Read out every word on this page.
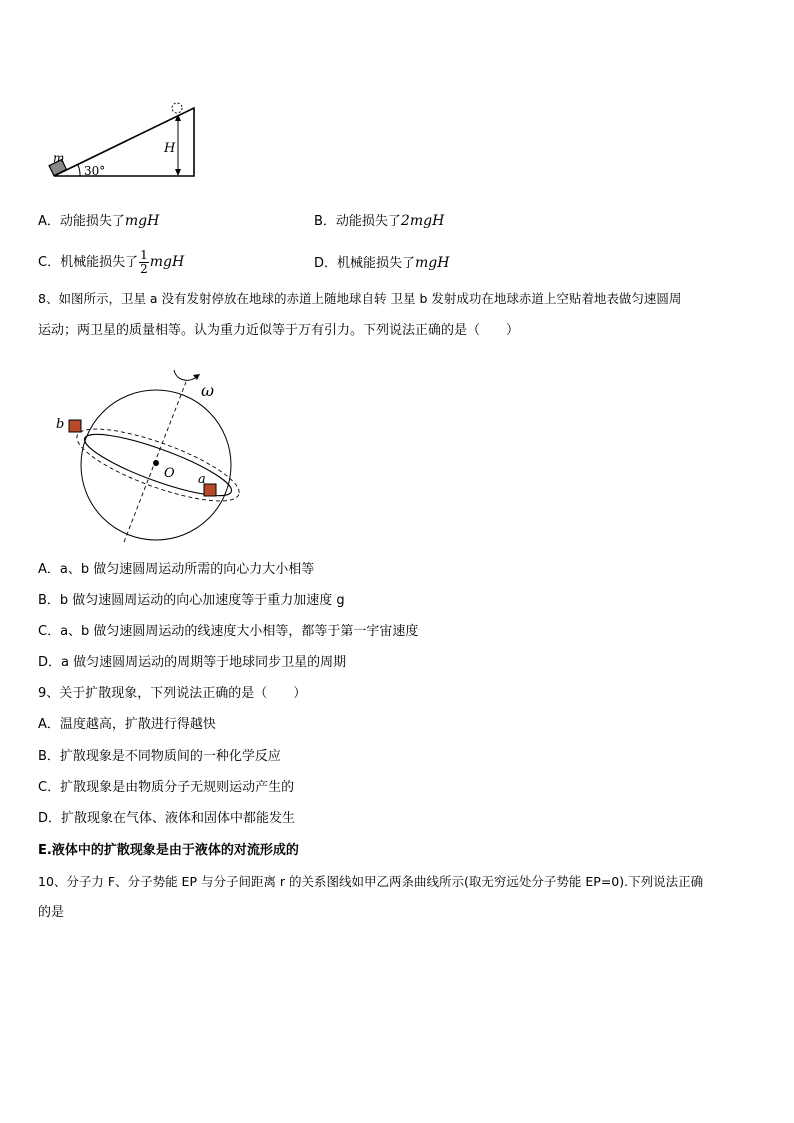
m
30°
H
A．动能损失了mgH	B．动能损失了2mgH
C．机械能损失了 $\frac{1}{2}$ mgH	D．机械能损失了mgH
8、如图所示，卫星 a 没有发射停放在地球的赤道上随地球自转 卫星 b 发射成功在地球赤道上空贴着地表做匀速圆周
运动；两卫星的质量相等。认为重力近似等于万有引力。下列说法正确的是（　　）
ω
O
b
a
A．a、b 做匀速圆周运动所需的向心力大小相等
B．b 做匀速圆周运动的向心加速度等于重力加速度 g
C．a、b 做匀速圆周运动的线速度大小相等，都等于第一宇宙速度
D．a 做匀速圆周运动的周期等于地球同步卫星的周期
9、关于扩散现象，下列说法正确的是（　　）
A．温度越高，扩散进行得越快
B．扩散现象是不同物质间的一种化学反应
C．扩散现象是由物质分子无规则运动产生的
D．扩散现象在气体、液体和固体中都能发生
E.液体中的扩散现象是由于液体的对流形成的
10、分子力 F、分子势能 EP 与分子间距离 r 的关系图线如甲乙两条曲线所示(取无穷远处分子势能 EP=0).下列说法正确
的是
